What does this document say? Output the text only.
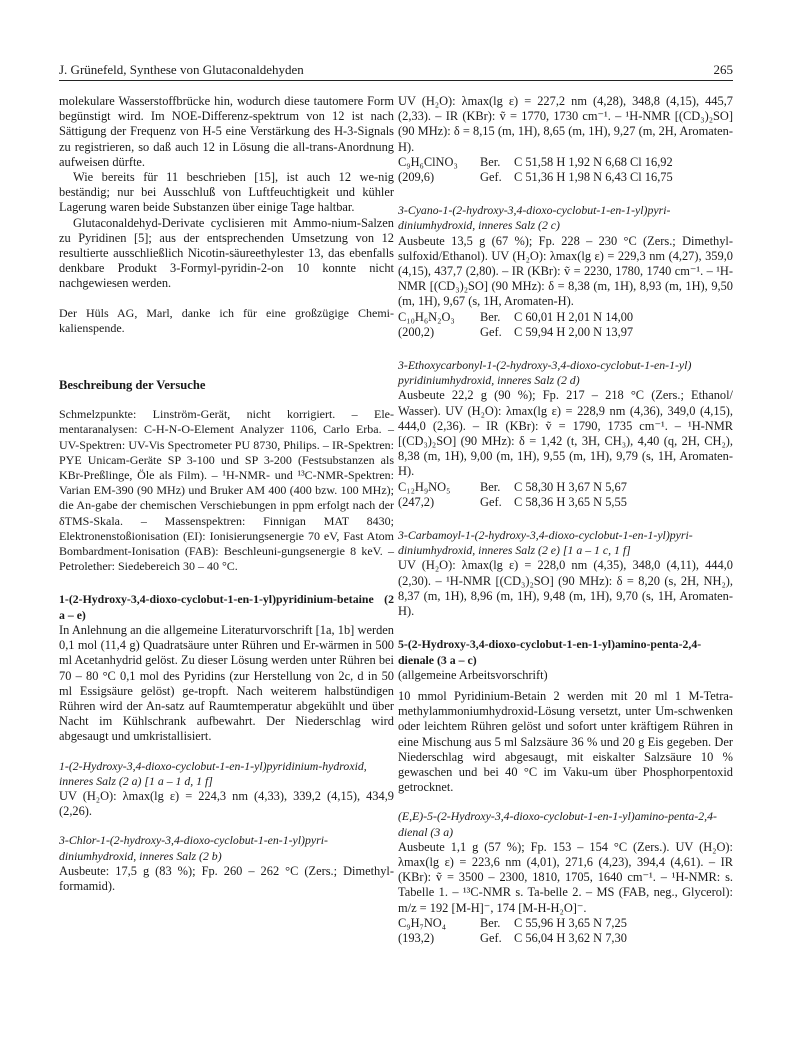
J. Grünefeld, Synthese von Glutaconaldehyden	265

molekulare Wasserstoffbrücke hin, wodurch diese tautomere Form begünstigt wird. Im NOE-Differenz-spektrum von 12 ist nach Sättigung der Frequenz von H-5 eine Verstärkung des H-3-Signals zu registrieren, so daß auch 12 in Lösung die all-trans-Anordnung aufweisen dürfte.

Wie bereits für 11 beschrieben [15], ist auch 12 we-nig beständig; nur bei Ausschluß von Luftfeuchtigkeit und kühler Lagerung waren beide Substanzen über einige Tage haltbar.

Glutaconaldehyd-Derivate cyclisieren mit Ammo-nium-Salzen zu Pyridinen [5]; aus der entsprechenden Umsetzung von 12 resultierte ausschließlich Nicotin-säureethylester 13, das ebenfalls denkbare Produkt 3-Formyl-pyridin-2-on 10 konnte nicht nachgewiesen werden.

Der Hüls AG, Marl, danke ich für eine großzügige Chemi-kalienspende.

Beschreibung der Versuche

Schmelzpunkte: Linström-Gerät, nicht korrigiert. – Ele-mentaranalysen: C-H-N-O-Element Analyzer 1106, Carlo Erba. – UV-Spektren: UV-Vis Spectrometer PU 8730, Philips. – IR-Spektren: PYE Unicam-Geräte SP 3-100 und SP 3-200 (Festsubstanzen als KBr-Preßlinge, Öle als Film). – ¹H-NMR- und ¹³C-NMR-Spektren: Varian EM-390 (90 MHz) und Bruker AM 400 (400 bzw. 100 MHz); die An-gabe der chemischen Verschiebungen in ppm erfolgt nach der δTMS-Skala. – Massenspektren: Finnigan MAT 8430; Elektronenstoßionisation (EI): Ionisierungsenergie 70 eV, Fast Atom Bombardment-Ionisation (FAB): Beschleuni-gungsenergie 8 keV. – Petrolether: Siedebereich 30 – 40 °C.

1-(2-Hydroxy-3,4-dioxo-cyclobut-1-en-1-yl)pyridinium-betaine (2 a – e)

In Anlehnung an die allgemeine Literaturvorschrift [1a, 1b] werden 0,1 mol (11,4 g) Quadratsäure unter Rühren und Er-wärmen in 500 ml Acetanhydrid gelöst. Zu dieser Lösung werden unter Rühren bei 70 – 80 °C 0,1 mol des Pyridins (zur Herstellung von 2c, d in 50 ml Essigsäure gelöst) ge-tropft. Nach weiterem halbstündigen Rühren wird der An-satz auf Raumtemperatur abgekühlt und über Nacht im Kühlschrank aufbewahrt. Der Niederschlag wird abgesaugt und umkristallisiert.

1-(2-Hydroxy-3,4-dioxo-cyclobut-1-en-1-yl)pyridinium-hydroxid, inneres Salz (2 a) [1 a – 1 d, 1 f]

UV (H₂O): λmax(lg ε) = 224,3 nm (4,33), 339,2 (4,15), 434,9 (2,26).

3-Chlor-1-(2-hydroxy-3,4-dioxo-cyclobut-1-en-1-yl)pyri-diniumhydroxid, inneres Salz (2 b)

Ausbeute: 17,5 g (83 %); Fp. 260 – 262 °C (Zers.; Dimethyl-formamid).

UV (H₂O): λmax(lg ε) = 227,2 nm (4,28), 348,8 (4,15), 445,7 (2,33). – IR (KBr): ṽ = 1770, 1730 cm⁻¹. – ¹H-NMR [(CD₃)₂SO] (90 MHz): δ = 8,15 (m, 1H), 8,65 (m, 1H), 9,27 (m, 2H, Aromaten-H).

C₉H₆ClNO₃	Ber.	C 51,58 H 1,92 N 6,68 Cl 16,92
(209,6)	Gef. C 51,36 H 1,98 N 6,43 Cl 16,75

3-Cyano-1-(2-hydroxy-3,4-dioxo-cyclobut-1-en-1-yl)pyri-diniumhydroxid, inneres Salz (2 c)

Ausbeute 13,5 g (67 %); Fp. 228 – 230 °C (Zers.; Dimethyl-sulfoxid/Ethanol). UV (H₂O): λmax(lg ε) = 229,3 nm (4,27), 359,0 (4,15), 437,7 (2,80). – IR (KBr): ṽ = 2230, 1780, 1740 cm⁻¹. – ¹H-NMR [(CD₃)₂SO] (90 MHz): δ = 8,38 (m, 1H), 8,93 (m, 1H), 9,50 (m, 1H), 9,67 (s, 1H, Aromaten-H).

C₁₀H₆N₂O₃	Ber.	C 60,01 H 2,01 N 14,00
(200,2)	Gef. C 59,94 H 2,00 N 13,97

3-Ethoxycarbonyl-1-(2-hydroxy-3,4-dioxo-cyclobut-1-en-1-yl) pyridiniumhydroxid, inneres Salz (2 d)

Ausbeute 22,2 g (90 %); Fp. 217 – 218 °C (Zers.; Ethanol/ Wasser). UV (H₂O): λmax(lg ε) = 228,9 nm (4,36), 349,0 (4,15), 444,0 (2,36). – IR (KBr): ṽ = 1790, 1735 cm⁻¹. – ¹H-NMR [(CD₃)₂SO] (90 MHz): δ = 1,42 (t, 3H, CH₃), 4,40 (q, 2H, CH₂), 8,38 (m, 1H), 9,00 (m, 1H), 9,55 (m, 1H), 9,79 (s, 1H, Aromaten-H).

C₁₂H₉NO₅	Ber.	C 58,30 H 3,67 N 5,67
(247,2)	Gef. C 58,36 H 3,65 N 5,55

3-Carbamoyl-1-(2-hydroxy-3,4-dioxo-cyclobut-1-en-1-yl)pyri-diniumhydroxid, inneres Salz (2 e) [1 a – 1 c, 1 f]

UV (H₂O): λmax(lg ε) = 228,0 nm (4,35), 348,0 (4,11), 444,0 (2,30). – ¹H-NMR [(CD₃)₂SO] (90 MHz): δ = 8,20 (s, 2H, NH₂), 8,37 (m, 1H), 8,96 (m, 1H), 9,48 (m, 1H), 9,70 (s, 1H, Aromaten-H).

5-(2-Hydroxy-3,4-dioxo-cyclobut-1-en-1-yl)amino-penta-2,4-dienale (3 a – c)

(allgemeine Arbeitsvorschrift)

10 mmol Pyridinium-Betain 2 werden mit 20 ml 1 M-Tetra-methylammoniumhydroxid-Lösung versetzt, unter Um-schwenken oder leichtem Rühren gelöst und sofort unter kräftigem Rühren in eine Mischung aus 5 ml Salzsäure 36 % und 20 g Eis gegeben. Der Niederschlag wird abgesaugt, mit eiskalter Salzsäure 10 % gewaschen und bei 40 °C im Vaku-um über Phosphorpentoxid getrocknet.

(E,E)-5-(2-Hydroxy-3,4-dioxo-cyclobut-1-en-1-yl)amino-penta-2,4-dienal (3 a)

Ausbeute 1,1 g (57 %); Fp. 153 – 154 °C (Zers.). UV (H₂O): λmax(lg ε) = 223,6 nm (4,01), 271,6 (4,23), 394,4 (4,61). – IR (KBr): ṽ = 3500 – 2300, 1810, 1705, 1640 cm⁻¹. – ¹H-NMR: s. Tabelle 1. – ¹³C-NMR s. Ta-belle 2. – MS (FAB, neg., Glycerol): m/z = 192 [M-H]⁻, 174 [M-H-H₂O]⁻.

C₉H₇NO₄	Ber.	C 55,96 H 3,65 N 7,25
(193,2)	Gef. C 56,04 H 3,62 N 7,30
